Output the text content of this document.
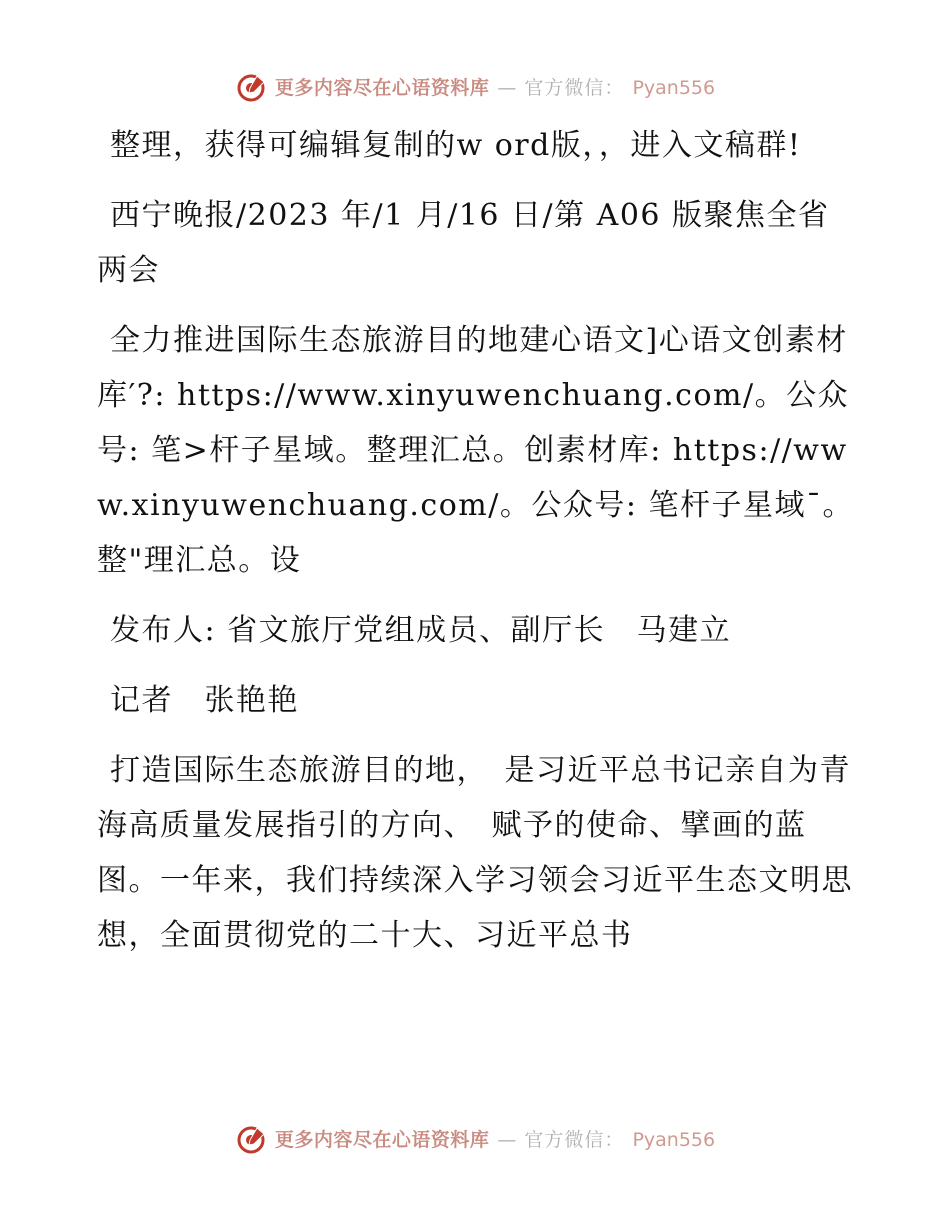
更多内容尽在心语资料库 — 官方微信： Pyan556

整理，获得可编辑复制的w ord版，，进入文稿群!

西宁晚报/2023 年/1 月/16 日/第 A06 版聚焦全省两会

全力推进国际生态旅游目的地建心语文]心语文创素材库′?: https://www.xinyuwenchuang.com/。公众号: 笔>杆子星域。整理汇总。创素材库: https://www.xinyuwenchuang.com/。公众号: 笔杆子星域¯。整"理汇总。设

发布人: 省文旅厅党组成员、副厅长　马建立

记者　张艳艳

打造国际生态旅游目的地，　是习近平总书记亲自为青海高质量发展指引的方向、　赋予的使命、擘画的蓝图。一年来，我们持续深入学习领会习近平生态文明思想，全面贯彻党的二十大、习近平总书

更多内容尽在心语资料库 — 官方微信： Pyan556
